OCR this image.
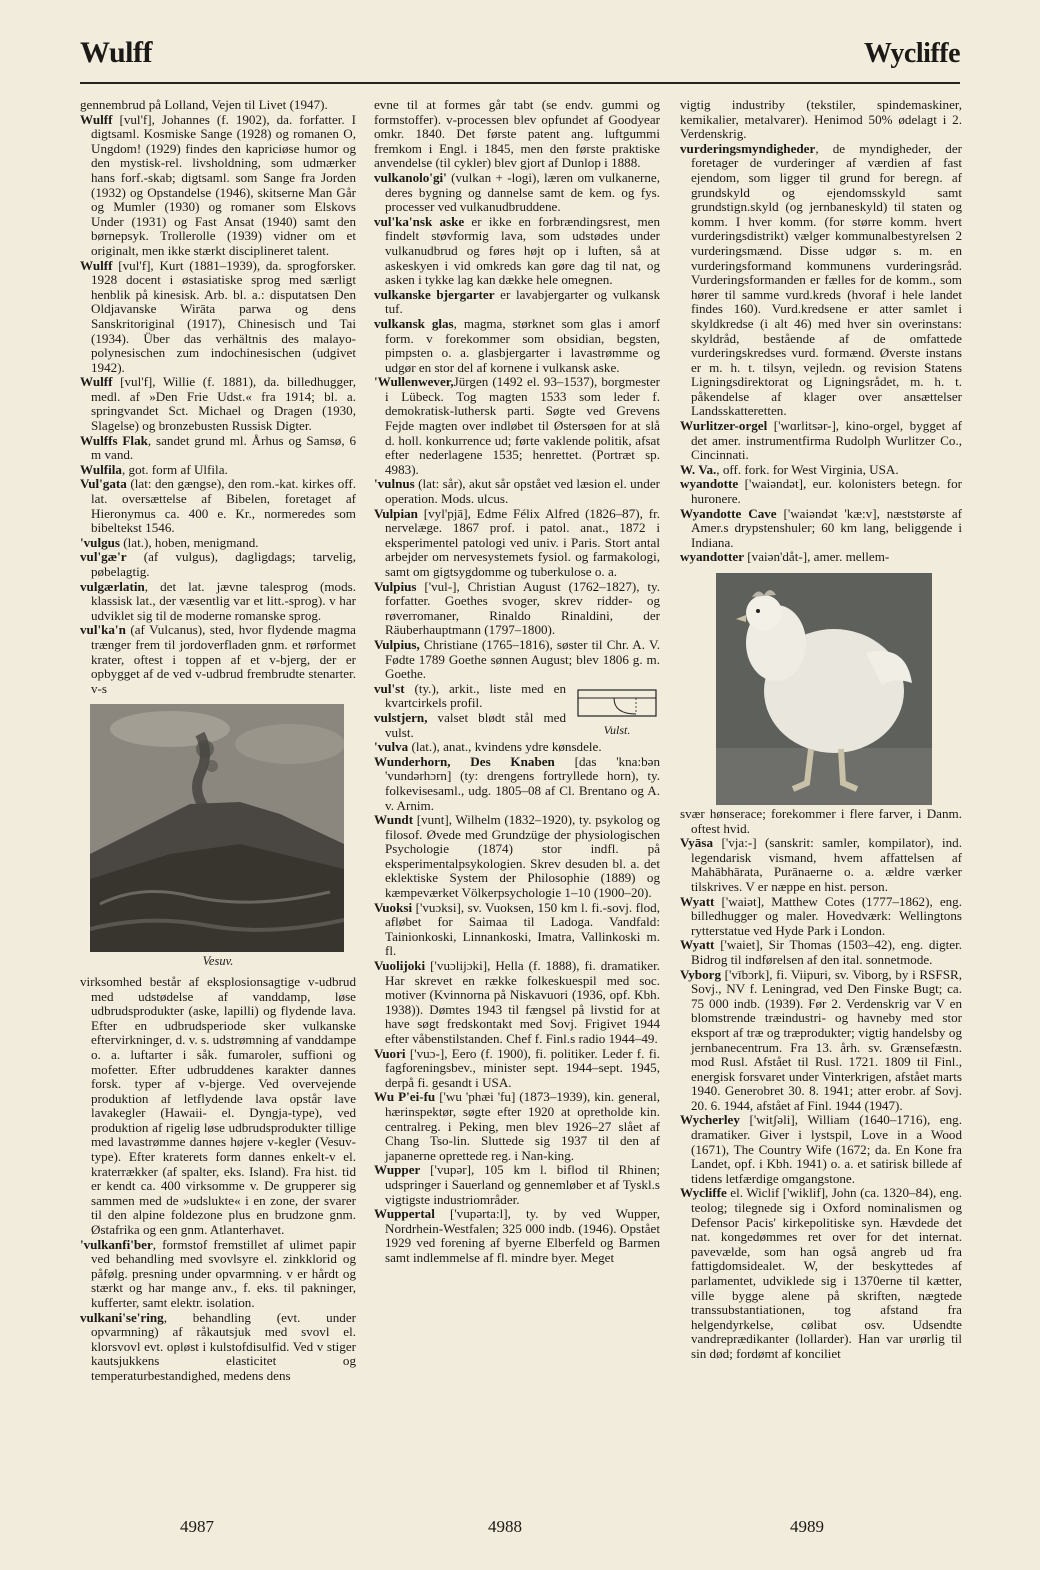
Wulff	Wycliffe

gennembrud på Lolland, Vejen til Livet (1947).

Wulff [vul'f], Johannes (f. 1902), da. forfatter. I digtsaml. Kosmiske Sange (1928) og romanen O, Ungdom! (1929) findes den kapriciøse humor og den mystisk-rel. livsholdning, som udmærker hans forf.-skab; digtsaml. som Sange fra Jorden (1932) og Opstandelse (1946), skitserne Man Går og Mumler (1930) og romaner som Elskovs Under (1931) og Fast Ansat (1940) samt den børnepsyk. Trollerolle (1939) vidner om et originalt, men ikke stærkt disciplineret talent.

Wulff [vul'f], Kurt (1881–1939), da. sprogforsker. 1928 docent i østasiatiske sprog med særligt henblik på kinesisk. Arb. bl. a.: disputatsen Den Oldjavanske Wirāta parwa og dens Sanskritoriginal (1917), Chinesisch und Tai (1934). Über das verhältnis des malayo-polynesischen zum indochinesischen (udgivet 1942).

Wulff [vul'f], Willie (f. 1881), da. billedhugger, medl. af »Den Frie Udst.« fra 1914; bl. a. springvandet Sct. Michael og Dragen (1930, Slagelse) og bronzebusten Russisk Digter.

Wulffs Flak, sandet grund ml. Århus og Samsø, 6 m vand.

Wulfila, got. form af Ulfila.

Vul'gata (lat: den gængse), den rom.-kat. kirkes off. lat. oversættelse af Bibelen, foretaget af Hieronymus ca. 400 e. Kr., normeredes som bibeltekst 1546.

'vulgus (lat.), hoben, menigmand.

vul'gæ'r (af vulgus), dagligdags; tarvelig, pøbelagtig.

vulgærlatin, det lat. jævne talesprog (mods. klassisk lat., der væsentlig var et litt.-sprog). v har udviklet sig til de moderne romanske sprog.

vul'ka'n (af Vulcanus), sted, hvor flydende magma trænger frem til jordoverfladen gnm. et rørformet krater, oftest i toppen af et v-bjerg, der er opbygget af de ved v-udbrud frembrudte stenarter. v-s

Vesuv.

virksomhed består af eksplosionsagtige v-udbrud med udstødelse af vanddamp, løse udbrudsprodukter (aske, lapilli) og flydende lava. Efter en udbrudsperiode sker vulkanske eftervirkninger, d. v. s. udstrømning af vanddampe o. a. luftarter i såk. fumaroler, suffioni og mofetter. Efter udbruddenes karakter dannes forsk. typer af v-bjerge. Ved overvejende produktion af letflydende lava opstår lave lavakegler (Hawaii- el. Dyngja-type), ved produktion af rigelig løse udbrudsprodukter tillige med lavastrømme dannes højere v-kegler (Vesuv-type). Efter kraterets form dannes enkelt-v el. kraterrækker (af spalter, eks. Island). Fra hist. tid er kendt ca. 400 virksomme v. De grupperer sig sammen med de »udslukte« i en zone, der svarer til den alpine foldezone plus en brudzone gnm. Østafrika og een gnm. Atlanterhavet.

'vulkanfi'ber, formstof fremstillet af ulimet papir ved behandling med svovlsyre el. zinkklorid og påfølg. presning under opvarmning. v er hårdt og stærkt og har mange anv., f. eks. til pakninger, kufferter, samt elektr. isolation.

vulkani'se'ring, behandling (evt. under opvarmning) af råkautsjuk med svovl el. klorsvovl evt. opløst i kulstofdisulfid. Ved v stiger kautsjukkens elasticitet og temperaturbestandighed, medens dens

evne til at formes går tabt (se endv. gummi og formstoffer). v-processen blev opfundet af Goodyear omkr. 1840. Det første patent ang. luftgummi fremkom i Engl. i 1845, men den første praktiske anvendelse (til cykler) blev gjort af Dunlop i 1888.

vulkanolo'gi' (vulkan + -logi), læren om vulkanerne, deres bygning og dannelse samt de kem. og fys. processer ved vulkanudbruddene.

vul'ka'nsk aske er ikke en forbrændingsrest, men findelt støvformig lava, som udstødes under vulkanudbrud og føres højt op i luften, så at askeskyen i vid omkreds kan gøre dag til nat, og asken i tykke lag kan dække hele omegnen.

vulkanske bjergarter er lavabjergarter og vulkansk tuf.

vulkansk glas, magma, størknet som glas i amorf form. v forekommer som obsidian, begsten, pimpsten o. a. glasbjergarter i lavastrømme og udgør en stor del af kornene i vulkansk aske.

'Wullenwever,Jürgen (1492 el. 93–1537), borgmester i Lübeck. Tog magten 1533 som leder f. demokratisk-luthersk parti. Søgte ved Grevens Fejde magten over indløbet til Østersøen for at slå d. holl. konkurrence ud; førte vaklende politik, afsat efter nederlagene 1535; henrettet. (Portræt sp. 4983).

'vulnus (lat: sår), akut sår opstået ved læsion el. under operation. Mods. ulcus.

Vulpian [vyl'pjā], Edme Félix Alfred (1826–87), fr. nervelæge. 1867 prof. i patol. anat., 1872 i eksperimentel patologi ved univ. i Paris. Stort antal arbejder om nervesystemets fysiol. og farmakologi, samt om gigtsygdomme og tuberkulose o. a.

Vulpius ['vul-], Christian August (1762–1827), ty. forfatter. Goethes svoger, skrev ridder- og røverromaner, Rinaldo Rinaldini, der Räuberhauptmann (1797–1800).

Vulpius, Christiane (1765–1816), søster til Chr. A. V. Fødte 1789 Goethe sønnen August; blev 1806 g. m. Goethe.

Vulst.

vul'st (ty.), arkit., liste med en kvartcirkels profil.

vulstjern, valset blødt stål med vulst.

'vulva (lat.), anat., kvindens ydre kønsdele.

Wunderhorn, Des Knaben [das 'kna:bən 'vundərhɔrn] (ty: drengens fortryllede horn), ty. folkevisesaml., udg. 1805–08 af Cl. Brentano og A. v. Arnim.

Wundt [vunt], Wilhelm (1832–1920), ty. psykolog og filosof. Øvede med Grundzüge der physiologischen Psychologie (1874) stor indfl. på eksperimentalpsykologien. Skrev desuden bl. a. det eklektiske System der Philosophie (1889) og kæmpeværket Völkerpsychologie 1–10 (1900–20).

Vuoksi ['vuɔksi], sv. Vuoksen, 150 km l. fi.-sovj. flod, afløbet for Saimaa til Ladoga. Vandfald: Tainionkoski, Linnankoski, Imatra, Vallinkoski m. fl.

Vuolijoki ['vuɔlijɔki], Hella (f. 1888), fi. dramatiker. Har skrevet en række folkeskuespil med soc. motiver (Kvinnorna på Niskavuori (1936, opf. Kbh. 1938)). Dømtes 1943 til fængsel på livstid for at have søgt fredskontakt med Sovj. Frigivet 1944 efter våbenstilstanden. Chef f. Finl.s radio 1944–49.

Vuori ['vuɔ-], Eero (f. 1900), fi. politiker. Leder f. fi. fagforeningsbev., minister sept. 1944–sept. 1945, derpå fi. gesandt i USA.

Wu P'ei-fu ['wu 'phæi 'fu] (1873–1939), kin. general, hærinspektør, søgte efter 1920 at opretholde kin. centralreg. i Peking, men blev 1926–27 slået af Chang Tso-lin. Sluttede sig 1937 til den af japanerne oprettede reg. i Nan-king.

Wupper ['vupər], 105 km l. biflod til Rhinen; udspringer i Sauerland og gennemløber et af Tyskl.s vigtigste industriområder.

Wuppertal ['vupərta:l], ty. by ved Wupper, Nordrhein-Westfalen; 325 000 indb. (1946). Opstået 1929 ved forening af byerne Elberfeld og Barmen samt indlemmelse af fl. mindre byer. Meget

vigtig industriby (tekstiler, spindemaskiner, kemikalier, metalvarer). Henimod 50% ødelagt i 2. Verdenskrig.

vurderingsmyndigheder, de myndigheder, der foretager de vurderinger af værdien af fast ejendom, som ligger til grund for beregn. af grundskyld og ejendomsskyld samt grundstign.skyld (og jernbaneskyld) til staten og komm. I hver komm. (for større komm. hvert vurderingsdistrikt) vælger kommunalbestyrelsen 2 vurderingsmænd. Disse udgør s. m. en vurderingsformand kommunens vurderingsråd. Vurderingsformanden er fælles for de komm., som hører til samme vurd.kreds (hvoraf i hele landet findes 160). Vurd.kredsene er atter samlet i skyldkredse (i alt 46) med hver sin overinstans: skyldråd, bestående af de omfattede vurderingskredses vurd. formænd. Øverste instans er m. h. t. tilsyn, vejledn. og revision Statens Ligningsdirektorat og Ligningsrådet, m. h. t. påkendelse af klager over ansættelser Landsskatteretten.

Wurlitzer-orgel ['wɑrlitsər-], kino-orgel, bygget af det amer. instrumentfirma Rudolph Wurlitzer Co., Cincinnati.

W. Va., off. fork. for West Virginia, USA.

wyandotte ['waiəndət], eur. kolonisters betegn. for huronere.

Wyandotte Cave ['waiəndət 'kæ:v], næststørste af Amer.s drypstenshuler; 60 km lang, beliggende i Indiana.

wyandotter [vaiən'dåt-], amer. mellem-

svær hønserace; forekommer i flere farver, i Danm. oftest hvid.

Vyāsa ['vja:-] (sanskrit: samler, kompilator), ind. legendarisk vismand, hvem affattelsen af Mahābhārata, Purānaerne o. a. ældre værker tilskrives. V er næppe en hist. person.

Wyatt ['waiət], Matthew Cotes (1777–1862), eng. billedhugger og maler. Hovedværk: Wellingtons rytterstatue ved Hyde Park i London.

Wyatt ['waiet], Sir Thomas (1503–42), eng. digter. Bidrog til indførelsen af den ital. sonnetmode.

Vyborg ['vībɔrk], fi. Viipuri, sv. Viborg, by i RSFSR, Sovj., NV f. Leningrad, ved Den Finske Bugt; ca. 75 000 indb. (1939). Før 2. Verdenskrig var V en blomstrende træindustri- og havneby med stor eksport af træ og træprodukter; vigtig handelsby og jernbanecentrum. Fra 13. årh. sv. Grænsefæstn. mod Rusl. Afstået til Rusl. 1721. 1809 til Finl., energisk forsvaret under Vinterkrigen, afstået marts 1940. Generobret 30. 8. 1941; atter erobr. af Sovj. 20. 6. 1944, afstået af Finl. 1944 (1947).

Wycherley ['witʃəli], William (1640–1716), eng. dramatiker. Giver i lystspil, Love in a Wood (1671), The Country Wife (1672; da. En Kone fra Landet, opf. i Kbh. 1941) o. a. et satirisk billede af tidens letfærdige omgangstone.

Wycliffe el. Wiclif ['wiklif], John (ca. 1320–84), eng. teolog; tilegnede sig i Oxford nominalismen og Defensor Pacis' kirkepolitiske syn. Hævdede det nat. kongedømmes ret over for det internat. pavevælde, som han også angreb ud fra fattigdomsidealet. W, der beskyttedes af parlamentet, udviklede sig i 1370erne til kætter, ville bygge alene på skriften, nægtede transsubstantiationen, tog afstand fra helgendyrkelse, cølibat osv. Udsendte vandreprædikanter (lollarder). Han var urørlig til sin død; fordømt af konciliet

4987	4988	4989
